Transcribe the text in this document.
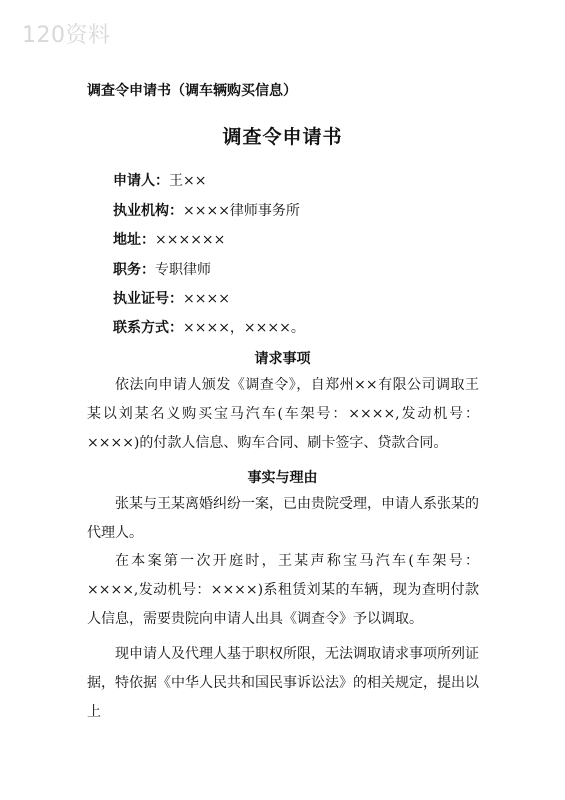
120资料
调查令申请书（调车辆购买信息）
调查令申请书
申请人：王××
执业机构：××××律师事务所
地址：××××××
职务：专职律师
执业证号：××××
联系方式：××××，××××。
请求事项
依法向申请人颁发《调查令》，自郑州××有限公司调取王某以刘某名义购买宝马汽车(车架号：××××,发动机号：××××)的付款人信息、购车合同、刷卡签字、贷款合同。
事实与理由
张某与王某离婚纠纷一案，已由贵院受理，申请人系张某的代理人。
在本案第一次开庭时，王某声称宝马汽车(车架号：××××,发动机号：××××)系租赁刘某的车辆，现为查明付款人信息，需要贵院向申请人出具《调查令》予以调取。
现申请人及代理人基于职权所限，无法调取请求事项所列证据，特依据《中华人民共和国民事诉讼法》的相关规定，提出以上
